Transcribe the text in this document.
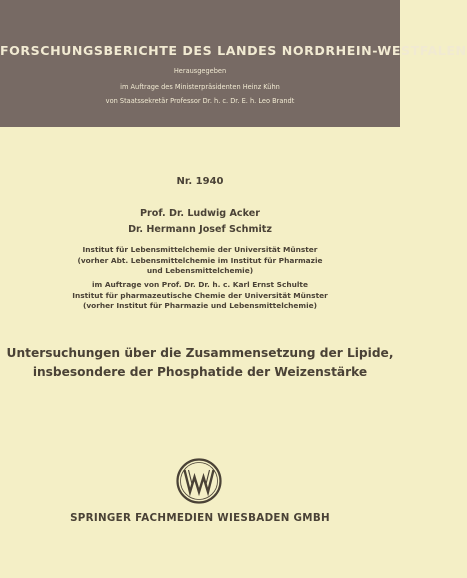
FORSCHUNGSBERICHTE DES LANDES NORDRHEIN-WESTFALEN
Herausgegeben
im Auftrage des Ministerpräsidenten Heinz Kühn
von Staatssekretär Professor Dr. h. c. Dr. E. h. Leo Brandt
Nr. 1940
Prof. Dr. Ludwig Acker
Dr. Hermann Josef Schmitz
Institut für Lebensmittelchemie der Universität Münster
(vorher Abt. Lebensmittelchemie im Institut für Pharmazie
und Lebensmittelchemie)
im Auftrage von Prof. Dr. Dr. h. c. Karl Ernst Schulte
Institut für pharmazeutische Chemie der Universität Münster
(vorher Institut für Pharmazie und Lebensmittelchemie)
Untersuchungen über die Zusammensetzung der Lipide,
insbesondere der Phosphatide der Weizenstärke
SPRINGER FACHMEDIEN WIESBADEN GMBH
